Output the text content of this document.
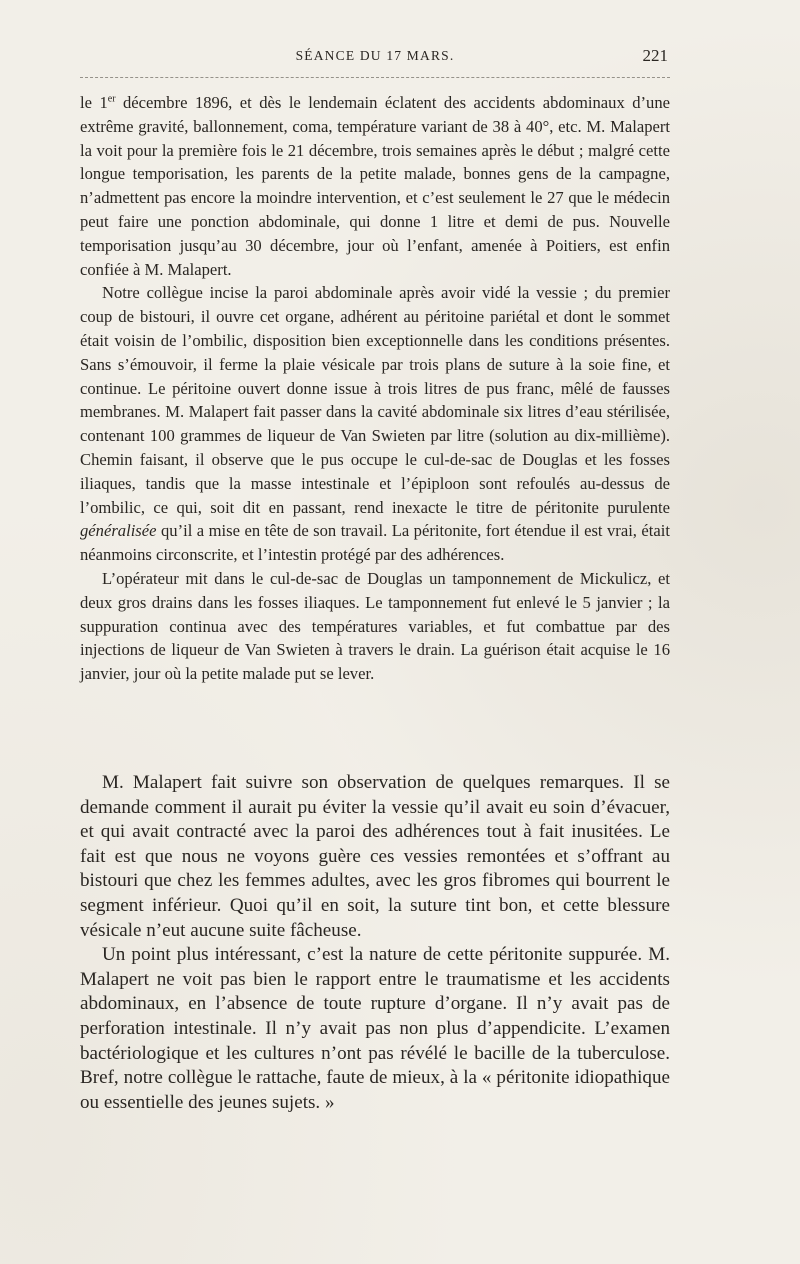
SÉANCE DU 17 MARS.	221

le 1er décembre 1896, et dès le lendemain éclatent des accidents abdominaux d’une extrême gravité, ballonnement, coma, température variant de 38 à 40°, etc. M. Malapert la voit pour la première fois le 21 décembre, trois semaines après le début ; malgré cette longue temporisation, les parents de la petite malade, bonnes gens de la campagne, n’admettent pas encore la moindre intervention, et c’est seulement le 27 que le médecin peut faire une ponction abdominale, qui donne 1 litre et demi de pus. Nouvelle temporisation jusqu’au 30 décembre, jour où l’enfant, amenée à Poitiers, est enfin confiée à M. Malapert.

Notre collègue incise la paroi abdominale après avoir vidé la vessie ; du premier coup de bistouri, il ouvre cet organe, adhérent au péritoine pariétal et dont le sommet était voisin de l’ombilic, disposition bien exceptionnelle dans les conditions présentes. Sans s’émouvoir, il ferme la plaie vésicale par trois plans de suture à la soie fine, et continue. Le péritoine ouvert donne issue à trois litres de pus franc, mêlé de fausses membranes. M. Malapert fait passer dans la cavité abdominale six litres d’eau stérilisée, contenant 100 grammes de liqueur de Van Swieten par litre (solution au dix-millième). Chemin faisant, il observe que le pus occupe le cul-de-sac de Douglas et les fosses iliaques, tandis que la masse intestinale et l’épiploon sont refoulés au-dessus de l’ombilic, ce qui, soit dit en passant, rend inexacte le titre de péritonite purulente généralisée qu’il a mise en tête de son travail. La péritonite, fort étendue il est vrai, était néanmoins circonscrite, et l’intestin protégé par des adhérences.

L’opérateur mit dans le cul-de-sac de Douglas un tamponnement de Mickulicz, et deux gros drains dans les fosses iliaques. Le tamponnement fut enlevé le 5 janvier ; la suppuration continua avec des températures variables, et fut combattue par des injections de liqueur de Van Swieten à travers le drain. La guérison était acquise le 16 janvier, jour où la petite malade put se lever.

M. Malapert fait suivre son observation de quelques remarques. Il se demande comment il aurait pu éviter la vessie qu’il avait eu soin d’évacuer, et qui avait contracté avec la paroi des adhérences tout à fait inusitées. Le fait est que nous ne voyons guère ces vessies remontées et s’offrant au bistouri que chez les femmes adultes, avec les gros fibromes qui bourrent le segment inférieur. Quoi qu’il en soit, la suture tint bon, et cette blessure vésicale n’eut aucune suite fâcheuse.

Un point plus intéressant, c’est la nature de cette péritonite suppurée. M. Malapert ne voit pas bien le rapport entre le traumatisme et les accidents abdominaux, en l’absence de toute rupture d’organe. Il n’y avait pas de perforation intestinale. Il n’y avait pas non plus d’appendicite. L’examen bactériologique et les cultures n’ont pas révélé le bacille de la tuberculose. Bref, notre collègue le rattache, faute de mieux, à la « péritonite idiopathique ou essentielle des jeunes sujets. »
